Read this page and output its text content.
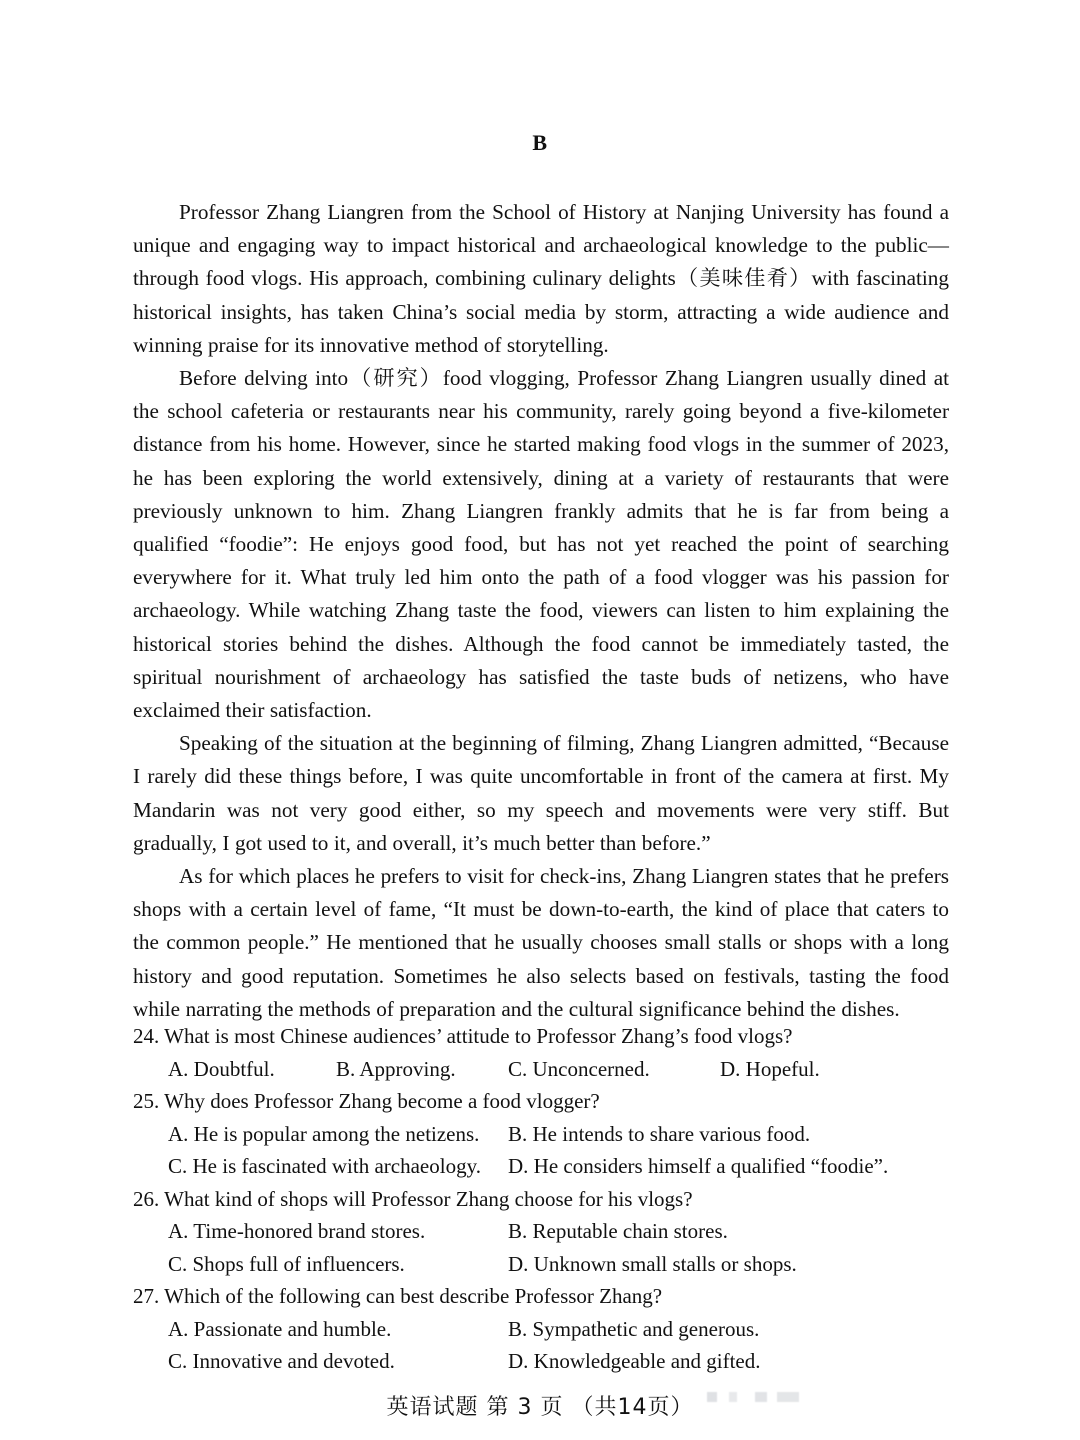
B

Professor Zhang Liangren from the School of History at Nanjing University has found a unique and engaging way to impact historical and archaeological knowledge to the public—through food vlogs. His approach, combining culinary delights（美味佳肴）with fascinating historical insights, has taken China’s social media by storm, attracting a wide audience and winning praise for its innovative method of storytelling.

Before delving into（研究）food vlogging, Professor Zhang Liangren usually dined at the school cafeteria or restaurants near his community, rarely going beyond a five-kilometer distance from his home. However, since he started making food vlogs in the summer of 2023, he has been exploring the world extensively, dining at a variety of restaurants that were previously unknown to him. Zhang Liangren frankly admits that he is far from being a qualified “foodie”: He enjoys good food, but has not yet reached the point of searching everywhere for it. What truly led him onto the path of a food vlogger was his passion for archaeology. While watching Zhang taste the food, viewers can listen to him explaining the historical stories behind the dishes. Although the food cannot be immediately tasted, the spiritual nourishment of archaeology has satisfied the taste buds of netizens, who have exclaimed their satisfaction.

Speaking of the situation at the beginning of filming, Zhang Liangren admitted, “Because I rarely did these things before, I was quite uncomfortable in front of the camera at first. My Mandarin was not very good either, so my speech and movements were very stiff. But gradually, I got used to it, and overall, it’s much better than before.”

As for which places he prefers to visit for check-ins, Zhang Liangren states that he prefers shops with a certain level of fame, “It must be down-to-earth, the kind of place that caters to the common people.” He mentioned that he usually chooses small stalls or shops with a long history and good reputation. Sometimes he also selects based on festivals, tasting the food while narrating the methods of preparation and the cultural significance behind the dishes.

24. What is most Chinese audiences’ attitude to Professor Zhang’s food vlogs?
A. Doubtful.	B. Approving.	C. Unconcerned.	D. Hopeful.
25. Why does Professor Zhang become a food vlogger?
A. He is popular among the netizens.	B. He intends to share various food.
C. He is fascinated with archaeology.	D. He considers himself a qualified “foodie”.
26. What kind of shops will Professor Zhang choose for his vlogs?
A. Time-honored brand stores.	B. Reputable chain stores.
C. Shops full of influencers.	D. Unknown small stalls or shops.
27. Which of the following can best describe Professor Zhang?
A. Passionate and humble.	B. Sympathetic and generous.
C. Innovative and devoted.	D. Knowledgeable and gifted.
英语试题 第 3 页 （共14页）
